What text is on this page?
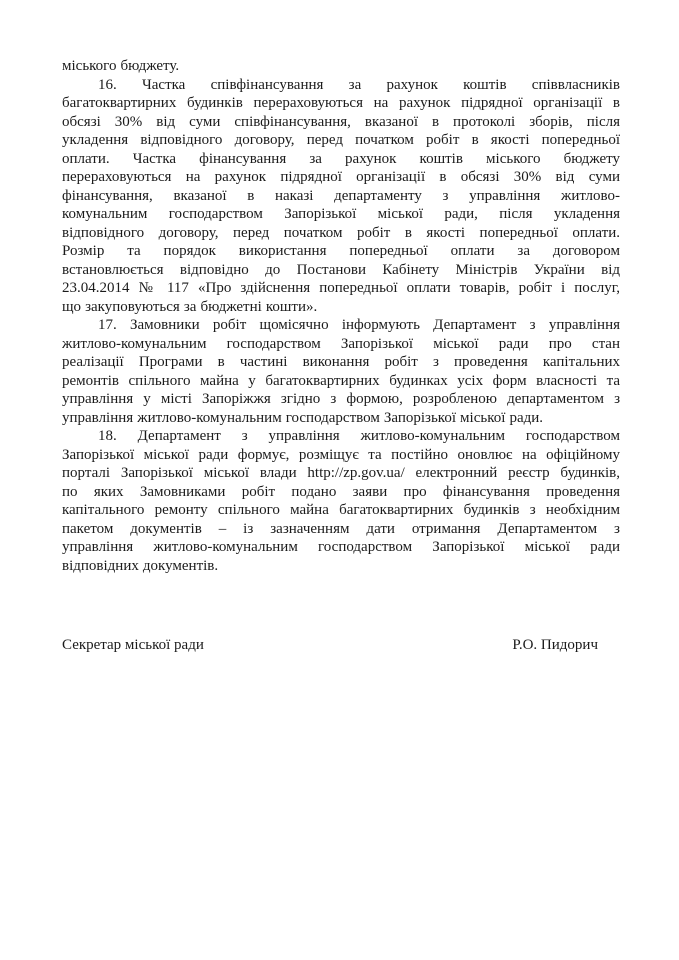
міського бюджету.
16. Частка співфінансування за рахунок коштів співвласників
багатоквартирних будинків перераховуються на рахунок підрядної організації в
обсязі 30% від суми співфінансування, вказаної в протоколі зборів, після
укладення відповідного договору, перед початком робіт в якості попередньої
оплати. Частка фінансування за рахунок коштів міського бюджету
перераховуються на рахунок підрядної організації в обсязі 30% від суми
фінансування, вказаної в наказі департаменту з управління житлово-
комунальним господарством Запорізької міської ради, після укладення
відповідного договору, перед початком робіт в якості попередньої оплати.
Розмір та порядок використання попередньої оплати за договором
встановлюється відповідно до Постанови Кабінету Міністрів України від
23.04.2014 № 117 «Про здійснення попередньої оплати товарів, робіт і послуг,
що закуповуються за бюджетні кошти».
17. Замовники робіт щомісячно інформують Департамент з управління
житлово-комунальним господарством Запорізької міської ради про стан
реалізації Програми в частині виконання робіт з проведення капітальних
ремонтів спільного майна у багатоквартирних будинках усіх форм власності та
управління у місті Запоріжжя згідно з формою, розробленою департаментом з
управління житлово-комунальним господарством Запорізької міської ради.
18. Департамент з управління житлово-комунальним господарством
Запорізької міської ради формує, розміщує та постійно оновлює на офіційному
порталі Запорізької міської влади http://zp.gov.ua/ електронний реєстр будинків,
по яких Замовниками робіт подано заяви про фінансування проведення
капітального ремонту спільного майна багатоквартирних будинків з необхідним
пакетом документів – із зазначенням дати отримання Департаментом з
управління житлово-комунальним господарством Запорізької міської ради
відповідних документів.
Секретар міської ради	Р.О. Пидорич
